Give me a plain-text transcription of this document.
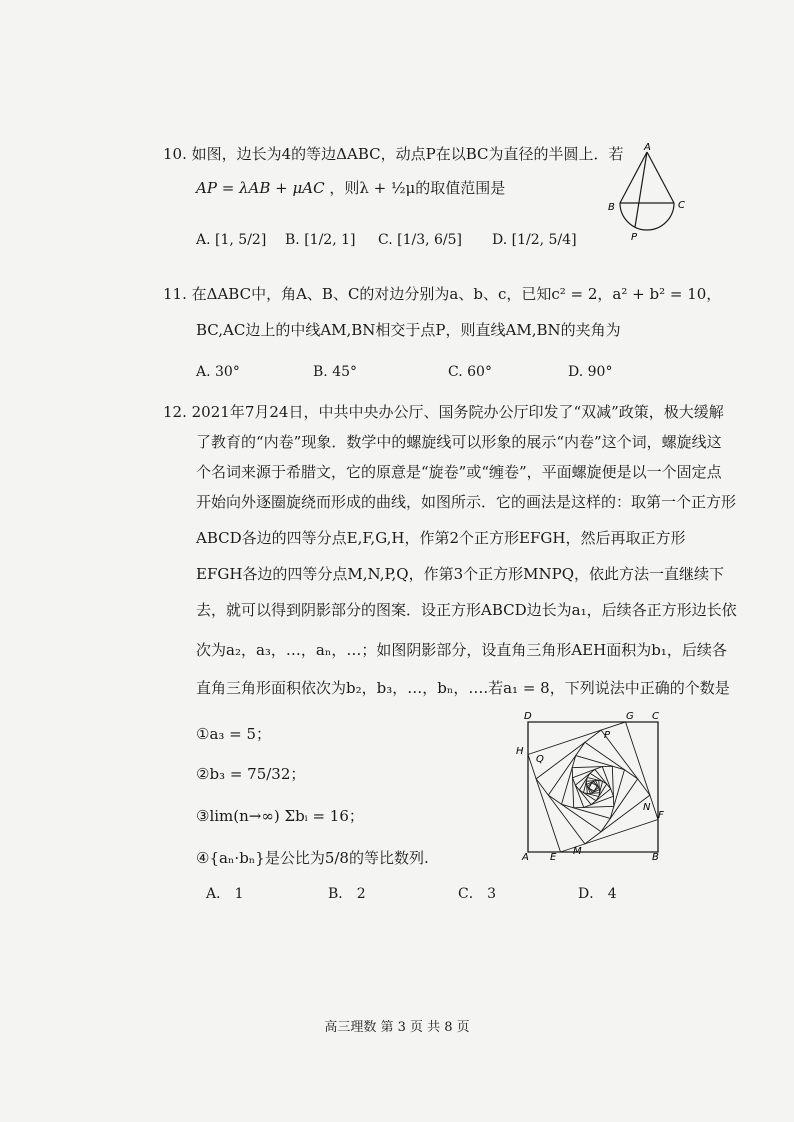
10. 如图，边长为4的等边ΔABC，动点P在以BC为直径的半圆上．若
AP = λAB + μAC ，则λ + ½μ的取值范围是
A. [1, 5/2] B. [1/2, 1] C. [1/3, 6/5] D. [1/2, 5/4]
A
B	C
P
11. 在ΔABC中，角A、B、C的对边分别为a、b、c，已知c² = 2，a² + b² = 10，
BC,AC边上的中线AM,BN相交于点P，则直线AM,BN的夹角为
A. 30°	B. 45°	C. 60°	D. 90°
12. 2021年7月24日，中共中央办公厅、国务院办公厅印发了“双减”政策，极大缓解
了教育的“内卷”现象．数学中的螺旋线可以形象的展示“内卷”这个词，螺旋线这
个名词来源于希腊文，它的原意是“旋卷”或“缠卷”，平面螺旋便是以一个固定点
开始向外逐圈旋绕而形成的曲线，如图所示．它的画法是这样的：取第一个正方形
ABCD各边的四等分点E,F,G,H，作第2个正方形EFGH，然后再取正方形
EFGH各边的四等分点M,N,P,Q，作第3个正方形MNPQ，依此方法一直继续下
去，就可以得到阴影部分的图案．设正方形ABCD边长为a₁，后续各正方形边长依
次为a₂，a₃，…，aₙ，…；如图阴影部分，设直角三角形AEH面积为b₁，后续各
直角三角形面积依次为b₂，b₃，…，bₙ，….若a₁ = 8，下列说法中正确的个数是
①a₃ = 5；
②b₃ = 75/32；
③lim(n→∞) Σbᵢ = 16；
④{aₙ·bₙ}是公比为5/8的等比数列.
A． 1	B． 2	C． 3	D． 4
D	G C
H
Q
P
N
F
A E
M
B
高三理数 第 3 页 共 8 页
